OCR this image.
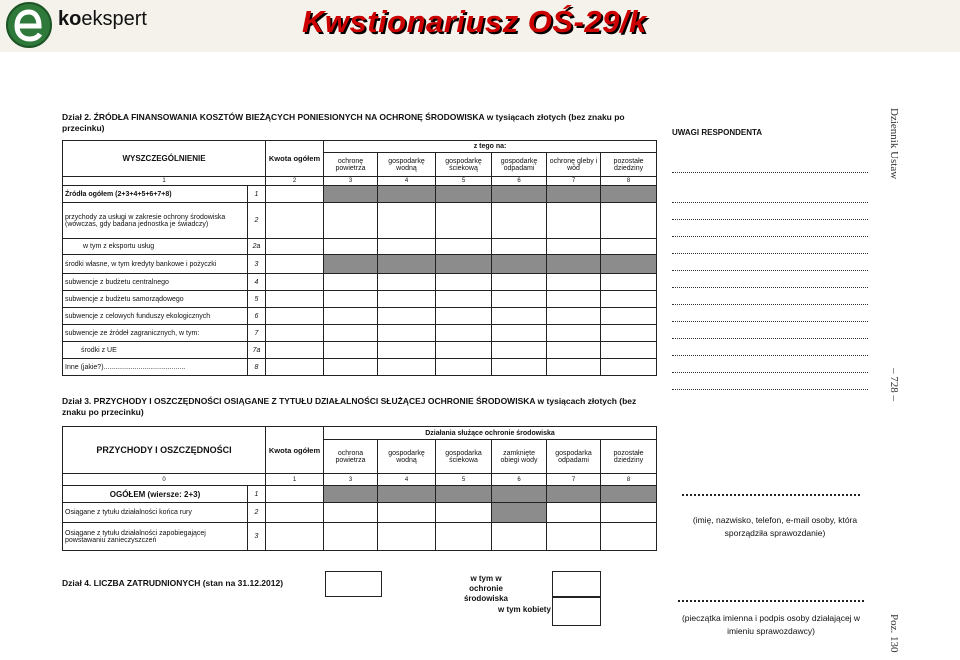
koekspert	Kwstionariusz OŚ-29/k
Dział 2. ŹRÓDŁA FINANSOWANIA KOSZTÓW BIEŻĄCYCH PONIESIONYCH NA OCHRONĘ ŚRODOWISKA w tysiącach złotych (bez znaku po
przecinku)
WYSZCZEGÓLNIENIE		Kwota ogółem	z tego na:					
			ochronę powietrza	gospodarkę wodną	gospodarkę ściekową	gospodarkę odpadami	ochronę gleby i wód	pozostałe dziedziny
1		2	3	4	5	6	7	8
Źródła ogółem (2+3+4+5+6+7+8)	1							
przychody za usługi w zakresie ochrony środowiska (wówczas, gdy badana jednostka je świadczy)	2							
w tym z eksportu usług	2a							
środki własne, w tym kredyty bankowe i pożyczki	3							
subwencje z budżetu centralnego	4							
subwencje z budżetu samorządowego	5							
subwencje z celowych funduszy ekologicznych	6							
subwencje ze źródeł zagranicznych, w tym:	7							
środki z UE	7a							
Inne (jakie?)..........................................	8							
UWAGI RESPONDENTA
Dział 3. PRZYCHODY I OSZCZĘDNOŚCI OSIĄGANE Z TYTUŁU DZIAŁALNOŚCI SŁUŻĄCEJ OCHRONIE ŚRODOWISKA w tysiącach złotych (bez
znaku po przecinku)
PRZYCHODY I OSZCZĘDNOŚCI		Kwota ogółem	Działania służące ochronie środowiska					
			ochrona powietrza	gospodarkę wodną	gospodarka ściekowa	zamknięte obiegi wody	gospodarka odpadami	pozostałe dziedziny
0		1	3	4	5	6	7	8
OGÓŁEM (wiersze: 2+3)	1							
Osiągane z tytułu działalności końca rury	2							
Osiągane z tytułu działalności zapobiegającej powstawaniu zanieczyszczeń	3							
(imię, nazwisko, telefon, e-mail osoby, która sporządziła sprawozdanie)
Dział 4. LICZBA ZATRUDNIONYCH (stan na 31.12.2012)	w tym w ochronie środowiska
w tym kobiety
(pieczątka imienna i podpis osoby działającej w imieniu sprawozdawcy)
Dziennik Ustaw
– 728 –
Poz. 130
